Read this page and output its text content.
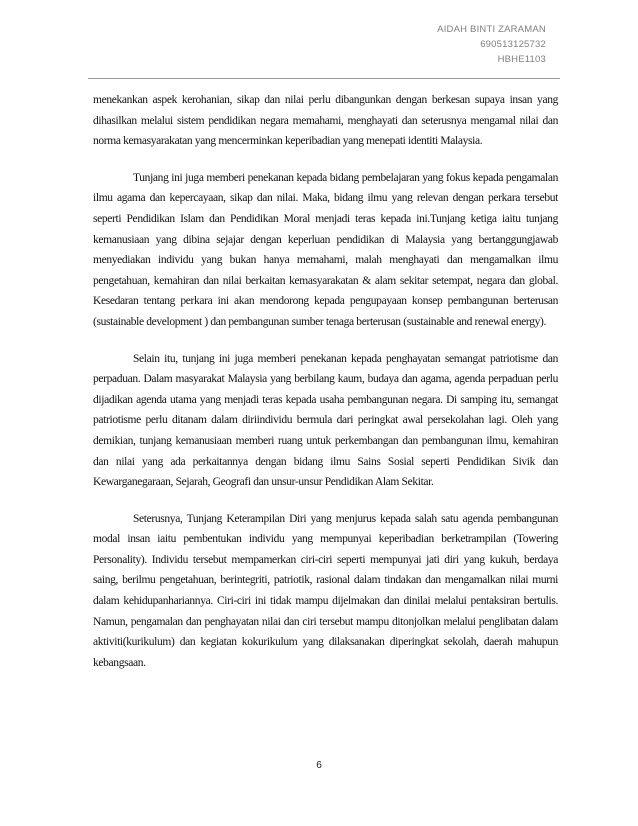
AIDAH BINTI ZARAMAN
690513125732
HBHE1103

menekankan aspek kerohanian, sikap dan nilai perlu dibangunkan dengan berkesan supaya insan yang dihasilkan melalui sistem pendidikan negara memahami, menghayati dan seterusnya mengamal nilai dan norma kemasyarakatan yang mencerminkan keperibadian yang menepati identiti Malaysia.

Tunjang ini juga memberi penekanan kepada bidang pembelajaran yang fokus kepada pengamalan ilmu agama dan kepercayaan, sikap dan nilai. Maka, bidang ilmu yang relevan dengan perkara tersebut seperti Pendidikan Islam dan Pendidikan Moral menjadi teras kepada ini.Tunjang ketiga iaitu tunjang kemanusiaan yang dibina sejajar dengan keperluan pendidikan di Malaysia yang bertanggungjawab menyediakan individu yang bukan hanya memahami, malah menghayati dan mengamalkan ilmu pengetahuan, kemahiran dan nilai berkaitan kemasyarakatan & alam sekitar setempat, negara dan global. Kesedaran tentang perkara ini akan mendorong kepada pengupayaan konsep pembangunan berterusan (sustainable development ) dan pembangunan sumber tenaga berterusan (sustainable and renewal energy).

Selain itu, tunjang ini juga memberi penekanan kepada penghayatan semangat patriotisme dan perpaduan. Dalam masyarakat Malaysia yang berbilang kaum, budaya dan agama, agenda perpaduan perlu dijadikan agenda utama yang menjadi teras kepada usaha pembangunan negara. Di samping itu, semangat patriotisme perlu ditanam dalam diriindividu bermula dari peringkat awal persekolahan lagi. Oleh yang demikian, tunjang kemanusiaan memberi ruang untuk perkembangan dan pembangunan ilmu, kemahiran dan nilai yang ada perkaitannya dengan bidang ilmu Sains Sosial seperti Pendidikan Sivik dan Kewarganegaraan, Sejarah, Geografi dan unsur-unsur Pendidikan Alam Sekitar.

Seterusnya, Tunjang Keterampilan Diri yang menjurus kepada salah satu agenda pembangunan modal insan iaitu pembentukan individu yang mempunyai keperibadian berketrampilan (Towering Personality). Individu tersebut mempamerkan ciri-ciri seperti mempunyai jati diri yang kukuh, berdaya saing, berilmu pengetahuan, berintegriti, patriotik, rasional dalam tindakan dan mengamalkan nilai murni dalam kehidupanhariannya. Ciri-ciri ini tidak mampu dijelmakan dan dinilai melalui pentaksiran bertulis. Namun, pengamalan dan penghayatan nilai dan ciri tersebut mampu ditonjolkan melalui penglibatan dalam aktiviti(kurikulum) dan kegiatan kokurikulum yang dilaksanakan diperingkat sekolah, daerah mahupun kebangsaan.

6
